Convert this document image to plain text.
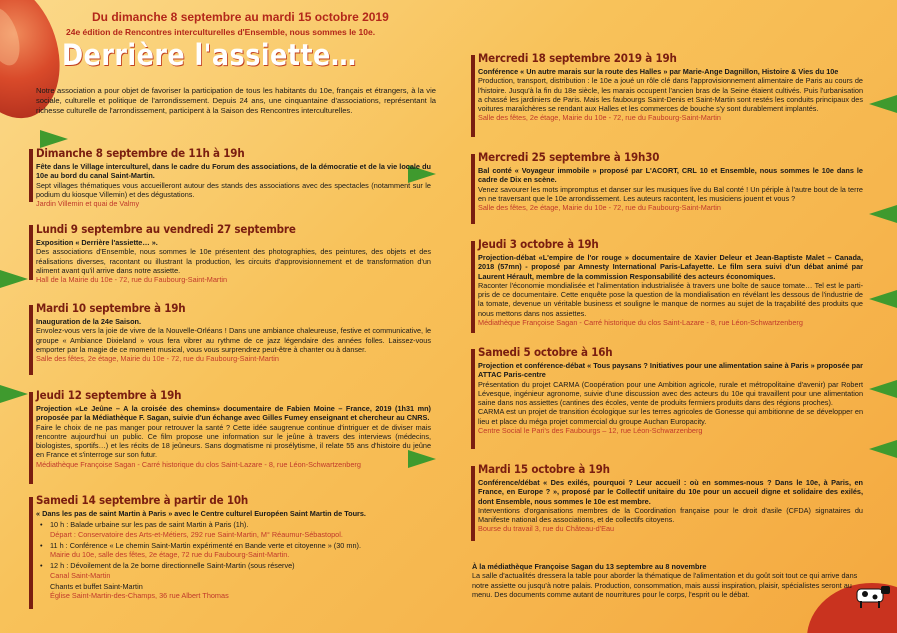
Du dimanche 8 septembre au mardi 15 octobre 2019
24e édition de Rencontres interculturelles d'Ensemble, nous sommes le 10e.
Derrière l'assiette…

Notre association a pour objet de favoriser la participation de tous les habitants du 10e, français et étrangers, à la vie sociale, culturelle et politique de l'arrondissement. Depuis 24 ans, une cinquantaine d'associations, représentant la richesse culturelle de l'arrondissement, participent à la Saison des Rencontres interculturelles.

Dimanche 8 septembre de 11h à 19h

Fête dans le Village interculturel, dans le cadre du Forum des associations, de la démocratie et de la vie locale du 10e au bord du canal Saint-Martin.

Sept villages thématiques vous accueilleront autour des stands des associations avec des spectacles (notamment sur le podium du kiosque Villemin) et des dégustations.

Jardin Villemin et quai de Valmy

Lundi 9 septembre au vendredi 27 septembre

Exposition « Derrière l'assiette… ».

Des associations d'Ensemble, nous sommes le 10e présentent des photographies, des peintures, des objets et des réalisations diverses, racontant ou illustrant la production, les circuits d'approvisionnement et de transformation d'un aliment avant qu'il arrive dans notre assiette.

Hall de la Mairie du 10e - 72, rue du Faubourg-Saint-Martin

Mardi 10 septembre à 19h

Inauguration de la 24e Saison.

Envolez-vous vers la joie de vivre de la Nouvelle-Orléans ! Dans une ambiance chaleureuse, festive et communicative, le groupe « Ambiance Dixieland » vous fera vibrer au rythme de ce jazz légendaire des années folles. Laissez-vous emporter par la magie de ce moment musical, vous vous surprendrez peut-être à chanter ou à danser.

Salle des fêtes, 2e étage, Mairie du 10e - 72, rue du Faubourg-Saint-Martin

Jeudi 12 septembre à 19h

Projection «Le Jeûne – A la croisée des chemins» documentaire de Fabien Moine – France, 2019 (1h31 mn) proposée par la Médiathèque F. Sagan, suivie d'un échange avec Gilles Fumey enseignant et chercheur au CNRS.

Faire le choix de ne pas manger pour retrouver la santé ? Cette idée saugrenue continue d'intriguer et de diviser mais rencontre aujourd'hui un public. Ce film propose une information sur le jeûne à travers des interviews (médecins, biologistes, sportifs…) et les récits de 18 jeûneurs. Sans dogmatisme ni prosélytisme, il relate 55 ans d'histoire du jeûne en France et s'interroge sur son futur.

Médiathèque Françoise Sagan - Carré historique du clos Saint-Lazare - 8, rue Léon-Schwartzenberg

Samedi 14 septembre à partir de 10h

« Dans les pas de saint Martin à Paris » avec le Centre culturel Européen Saint Martin de Tours.

• 10 h : Balade urbaine sur les pas de saint Martin à Paris (1h).
Départ : Conservatoire des Arts-et-Métiers, 292 rue Saint-Martin, M° Réaumur-Sébastopol.
• 11 h : Conférence « Le chemin Saint-Martin expérimenté en Bande verte et citoyenne » (30 mn).
Mairie du 10e, salle des fêtes, 2e étage, 72 rue du Faubourg-Saint-Martin.
• 12 h : Dévoilement de la 2e borne directionnelle Saint-Martin (sous réserve)
Canal Saint-Martin
Chants et buffet Saint-Martin
Église Saint-Martin-des-Champs, 36 rue Albert Thomas
Mercredi 18 septembre 2019 à 19h

Conférence « Un autre marais sur la route des Halles » par Marie-Ange Dagnillon, Histoire & Vies du 10e

Production, transport, distribution : le 10e a joué un rôle clé dans l'approvisionnement alimentaire de Paris au cours de l'histoire. Jusqu'à la fin du 18e siècle, les marais occupent l'ancien bras de la Seine étaient cultivés. Puis l'urbanisation a chassé les jardiniers de Paris. Mais les faubourgs Saint-Denis et Saint-Martin sont restés les conduits principaux des voitures maraîchères se rendant aux Halles et les commerces de bouche s'y sont durablement implantés.

Salle des fêtes, 2e étage, Mairie du 10e - 72, rue du Faubourg-Saint-Martin

Mercredi 25 septembre à 19h30

Bal conté « Voyageur immobile » proposé par L'ACORT, CRL 10 et Ensemble, nous sommes le 10e dans le cadre de Dix en scène.

Venez savourer les mots impromptus et danser sur les musiques live du Bal conté ! Un périple à l'autre bout de la terre en ne traversant que le 10e arrondissement. Les auteurs racontent, les musiciens jouent et vous ?

Salle des fêtes, 2e étage, Mairie du 10e - 72, rue du Faubourg-Saint-Martin

Jeudi 3 octobre à 19h

Projection-débat «L'empire de l'or rouge » documentaire de Xavier Deleur et Jean-Baptiste Malet – Canada, 2018 (57mn) - proposé par Amnesty International Paris-Lafayette. Le film sera suivi d'un débat animé par Laurent Hérault, membre de la commission Responsabilité des acteurs économiques.

Raconter l'économie mondialisée et l'alimentation industrialisée à travers une boîte de sauce tomate… Tel est le parti-pris de ce documentaire. Cette enquête pose la question de la mondialisation en révélant les dessous de l'industrie de la tomate, devenue un véritable business et souligne le manque de normes au sujet de la traçabilité des produits que nous mettons dans nos assiettes.

Médiathèque Françoise Sagan - Carré historique du clos Saint-Lazare - 8, rue Léon-Schwartzenberg

Samedi 5 octobre à 16h

Projection et conférence-débat « Tous paysans ? Initiatives pour une alimentation saine à Paris » proposée par ATTAC Paris-centre

Présentation du projet CARMA (Coopération pour une Ambition agricole, rurale et métropolitaine d'avenir) par Robert Lévesque, ingénieur agronome, suivie d'une discussion avec des acteurs du 10e qui travaillent pour une alimentation saine dans nos assiettes (cantines des écoles, vente de produits fermiers produits dans des régions proches).

CARMA est un projet de transition écologique sur les terres agricoles de Gonesse qui ambitionne de se développer en lieu et place du méga projet commercial du groupe Auchan Europacity.

Centre Social le Pari's des Faubourgs – 12, rue Léon-Schwarzenberg

Mardi 15 octobre à 19h

Conférence/débat « Des exilés, pourquoi ? Leur accueil : où en sommes-nous ? Dans le 10e, à Paris, en France, en Europe ? », proposé par le Collectif unitaire du 10e pour un accueil digne et solidaire des exilés, dont Ensemble, nous sommes le 10e est membre.

Interventions d'organisations membres de la Coordination française pour le droit d'asile (CFDA) signataires du Manifeste national des associations, et de collectifs citoyens.

Bourse du travail 3, rue du Château-d'Eau

À la médiathèque Françoise Sagan du 13 septembre au 8 novembre

La salle d'actualités dressera la table pour aborder la thématique de l'alimentation et du goût soit tout ce qui arrive dans notre assiette ou jusqu'à notre palais. Production, consommation, mais aussi inspiration, plaisir, spécialistes seront au menu. Des documents comme autant de nourritures pour le corps, l'esprit ou le débat.
